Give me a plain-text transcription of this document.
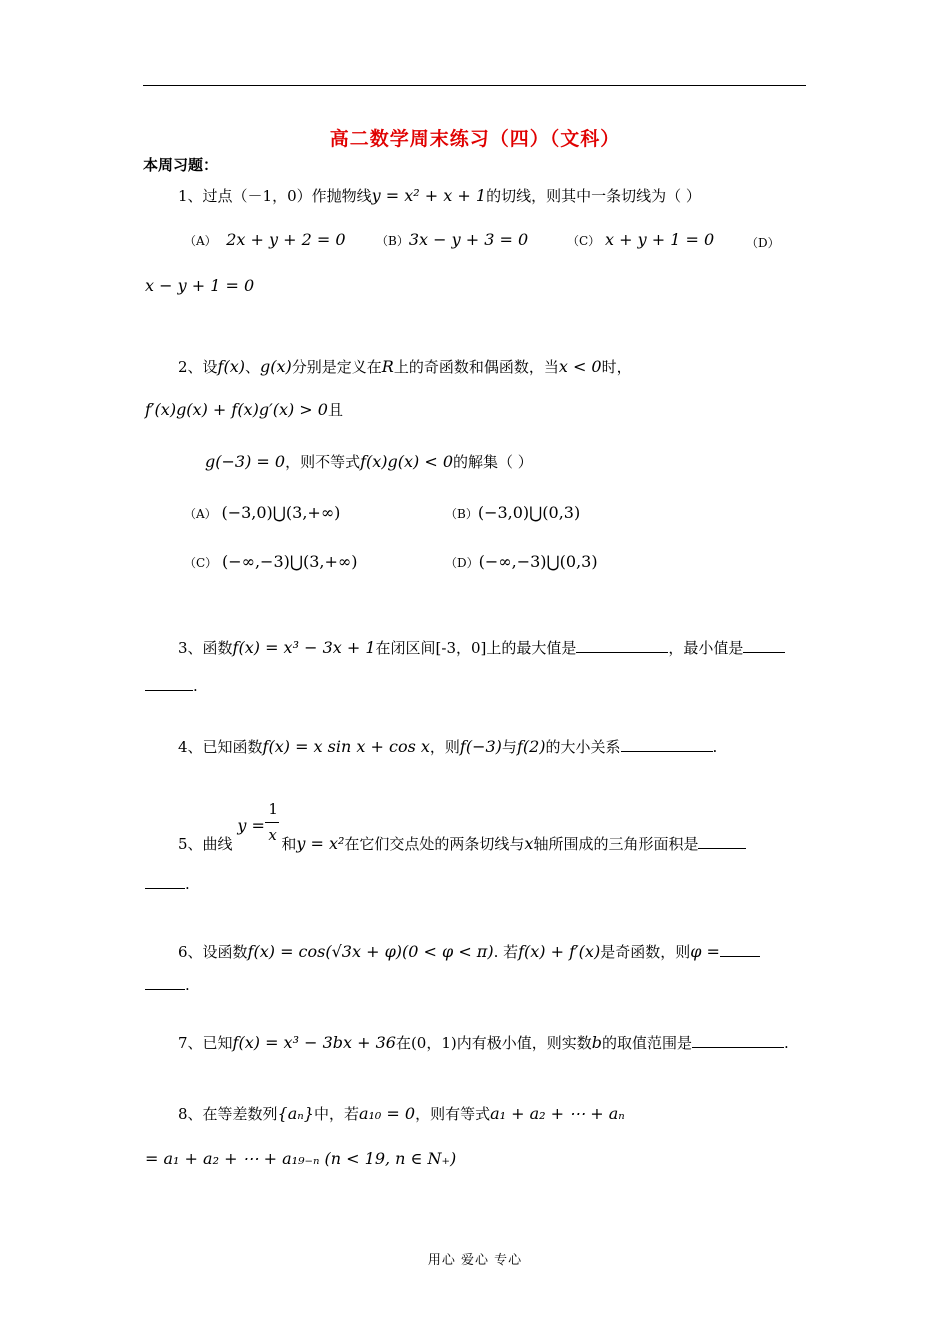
高二数学周末练习（四）（文科）
本周习题：
1、过点（－1，0）作抛物线y = x² + x + 1的切线，则其中一条切线为（ ）
（A） 2x + y + 2 = 0	（B）3x − y + 3 = 0	（C） x + y + 1 = 0	（D）
x − y + 1 = 0
2、设f(x)、g(x)分别是定义在R上的奇函数和偶函数，当x < 0时，
f′(x)g(x) + f(x)g′(x) > 0且
g(−3) = 0，则不等式f(x)g(x) < 0的解集（ ）
（A） (−3,0)⋃(3,+∞)	（B）(−3,0)⋃(0,3)
（C） (−∞,−3)⋃(3,+∞)	（D）(−∞,−3)⋃(0,3)
3、函数f(x) = x³ − 3x + 1在闭区间[-3，0]上的最大值是	，最小值是
.
4、已知函数f(x) = x sin x + cos x，则f(−3)与f(2)的大小关系	.
5、曲线
y =
1
x 和y = x²在它们交点处的两条切线与x轴所围成的三角形面积是
.
6、设函数f(x) = cos(√3x + φ)(0 < φ < π). 若f(x) + f′(x)是奇函数，则φ =
.
7、已知f(x) = x³ − 3bx + 36在(0，1)内有极小值，则实数b的取值范围是	.
8、在等差数列{aₙ}中，若a₁₀ = 0，则有等式a₁ + a₂ + ⋯ + aₙ
= a₁ + a₂ + ⋯ + a₁₉₋ₙ (n < 19, n ∈ N₊)
用心 爱心 专心
